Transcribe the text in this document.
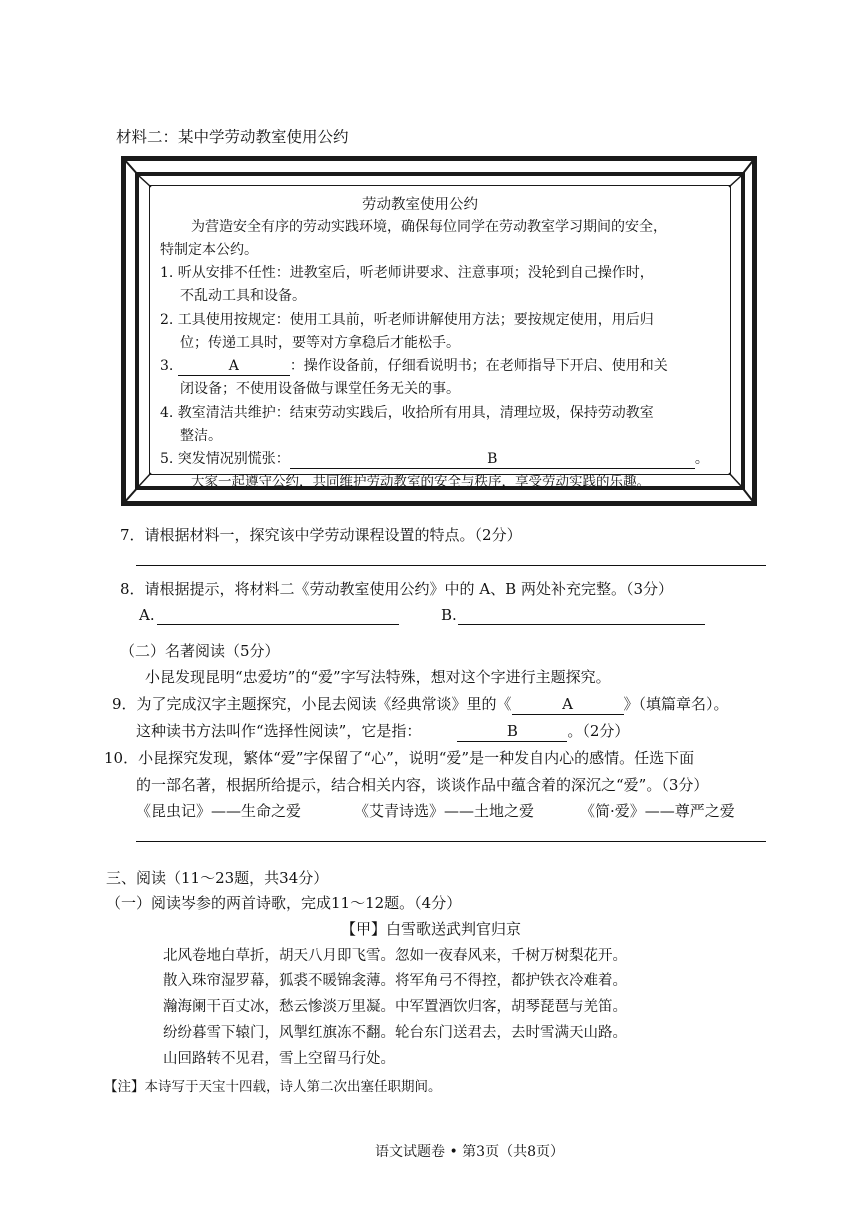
材料二：某中学劳动教室使用公约
劳动教室使用公约
为营造安全有序的劳动实践环境，确保每位同学在劳动教室学习期间的安全，
特制定本公约。
1. 听从安排不任性：进教室后，听老师讲要求、注意事项；没轮到自己操作时，
不乱动工具和设备。
2. 工具使用按规定：使用工具前，听老师讲解使用方法；要按规定使用，用后归
位；传递工具时，要等对方拿稳后才能松手。
3.	A	：操作设备前，仔细看说明书；在老师指导下开启、使用和关
闭设备；不使用设备做与课堂任务无关的事。
4. 教室清洁共维护：结束劳动实践后，收拾所有用具，清理垃圾，保持劳动教室
整洁。
5. 突发情况别慌张：	B	。
大家一起遵守公约，共同维护劳动教室的安全与秩序，享受劳动实践的乐趣。
7．请根据材料一，探究该中学劳动课程设置的特点。（2分）
8．请根据提示，将材料二《劳动教室使用公约》中的 A、B 两处补充完整。（3分）
A.	B.
（二）名著阅读（5分）
小昆发现昆明“忠爱坊”的“爱”字写法特殊，想对这个字进行主题探究。
9．为了完成汉字主题探究，小昆去阅读《经典常谈》里的《	A	》（填篇章名）。
这种读书方法叫作“选择性阅读”，它是指：	B	。（2分）
10．小昆探究发现，繁体“爱”字保留了“心”，说明“爱”是一种发自内心的感情。任选下面
的一部名著，根据所给提示，结合相关内容，谈谈作品中蕴含着的深沉之“爱”。（3分）
《昆虫记》——生命之爱	《艾青诗选》——土地之爱	《简·爱》——尊严之爱
三、阅读（11～23题，共34分）
（一）阅读岑参的两首诗歌，完成11～12题。（4分）
【甲】白雪歌送武判官归京
北风卷地白草折，胡天八月即飞雪。忽如一夜春风来，千树万树梨花开。
散入珠帘湿罗幕，狐裘不暖锦衾薄。将军角弓不得控，都护铁衣冷难着。
瀚海阑干百丈冰，愁云惨淡万里凝。中军置酒饮归客，胡琴琵琶与羌笛。
纷纷暮雪下辕门，风掣红旗冻不翻。轮台东门送君去，去时雪满天山路。
山回路转不见君，雪上空留马行处。
【注】本诗写于天宝十四载，诗人第二次出塞任职期间。
语文试题卷 • 第3页（共8页）
